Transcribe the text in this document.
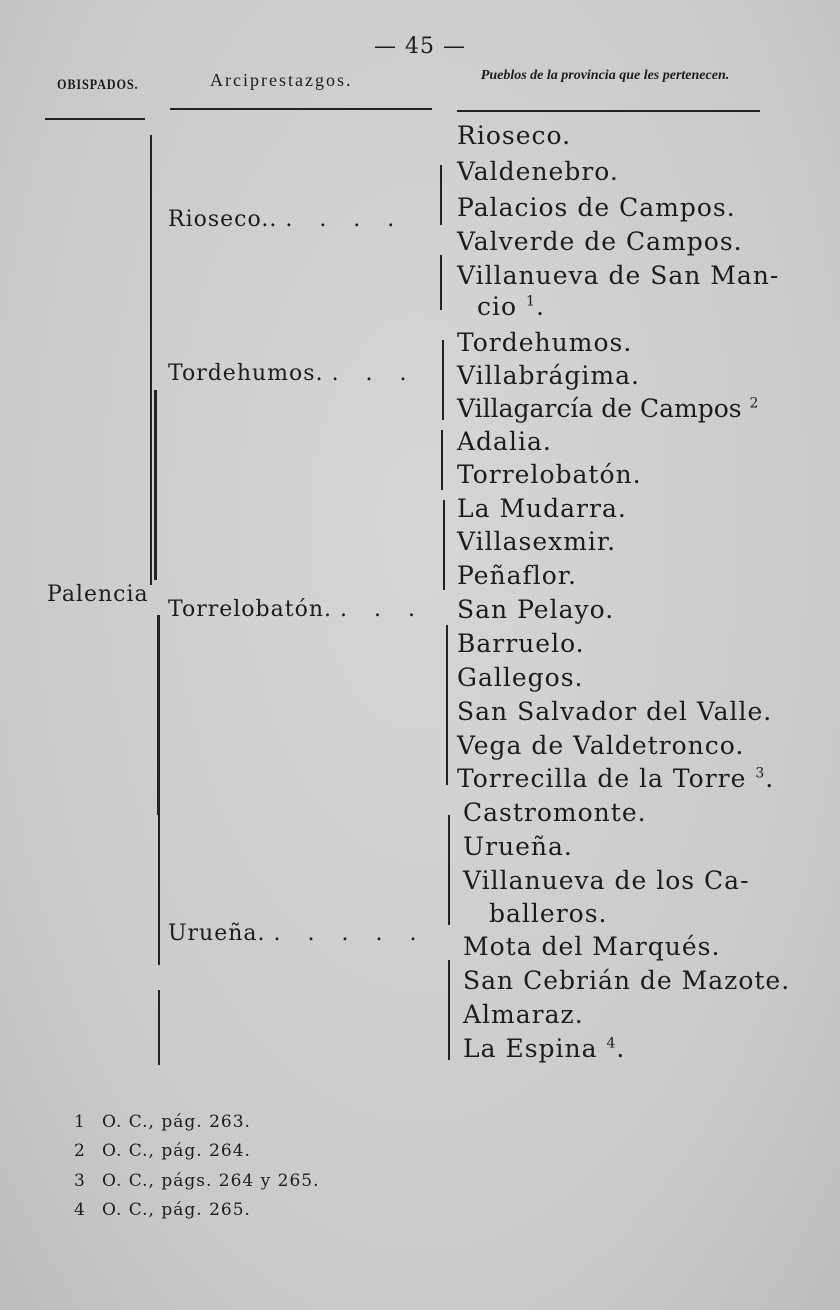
— 45 —
OBISPADOS.	Arciprestazgos.	Pueblos de la provincia que les pertenecen.
Palencia
Rioseco.. . . . .
Tordehumos. . . .
Torrelobatón. . . .
Urueña. . . . . .
Rioseco.
Valdenebro.
Palacios de Campos.
Valverde de Campos.
Villanueva de San Man-
cio $^1$.
Tordehumos.
Villabrágima.
Villagarcía de Campos $^2$
Adalia.
Torrelobatón.
La Mudarra.
Villasexmir.
Peñaflor.
San Pelayo.
Barruelo.
Gallegos.
San Salvador del Valle.
Vega de Valdetronco.
Torrecilla de la Torre $^3$.
Castromonte.
Urueña.
Villanueva de los Ca-
balleros.
Mota del Marqués.
San Cebrián de Mazote.
Almaraz.
La Espina $^4$.
1 O. C., pág. 263.
2 O. C., pág. 264.
3 O. C., págs. 264 y 265.
4 O. C., pág. 265.
